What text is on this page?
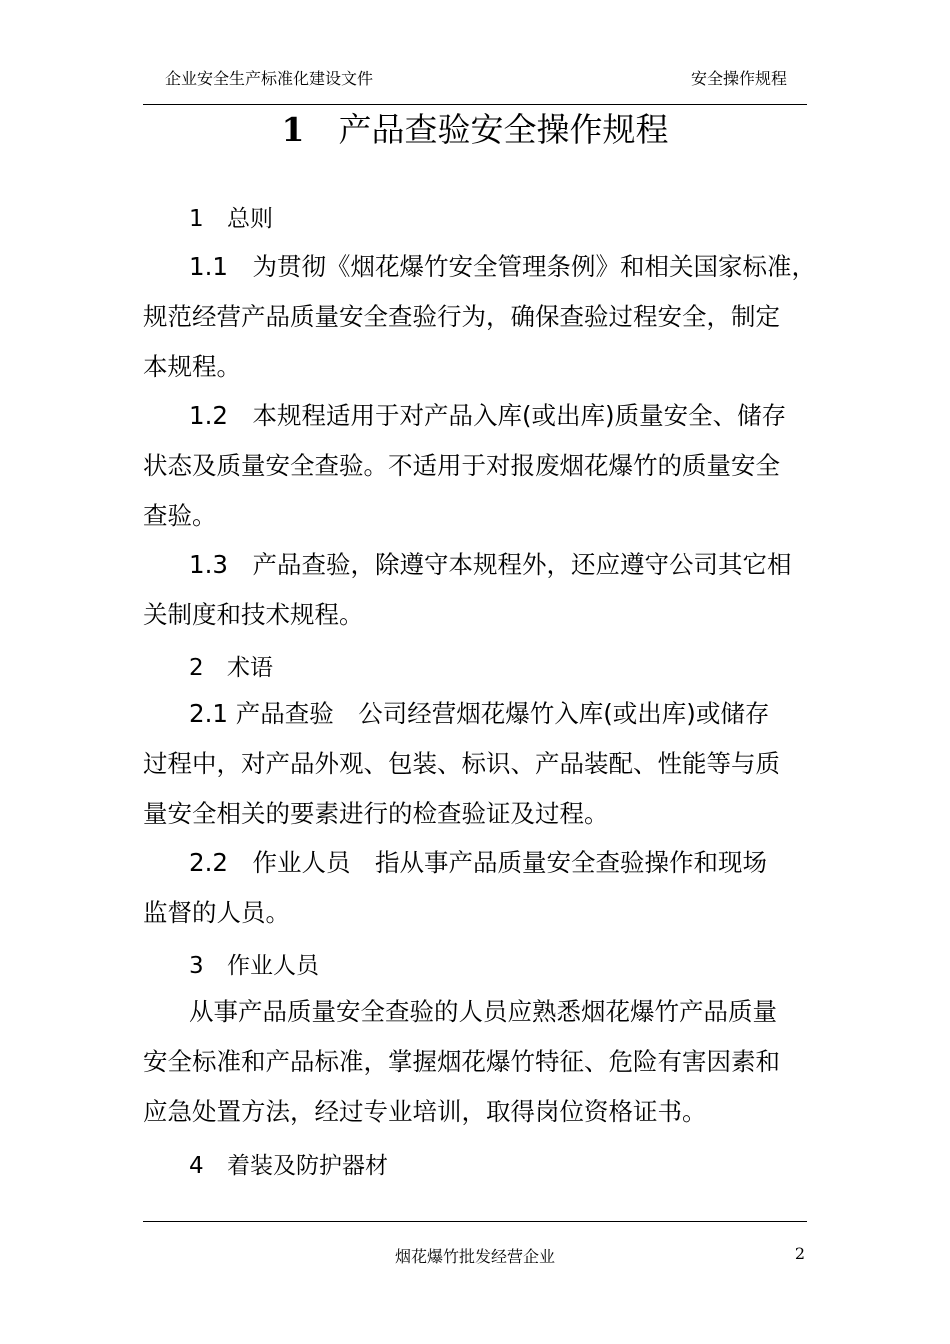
企业安全生产标准化建设文件	安全操作规程
1 产品查验安全操作规程
1 总则
1.1　为贯彻《烟花爆竹安全管理条例》和相关国家标准，
规范经营产品质量安全查验行为，确保查验过程安全，制定
本规程。
1.2　本规程适用于对产品入库(或出库)质量安全、储存
状态及质量安全查验。不适用于对报废烟花爆竹的质量安全
查验。
1.3　产品查验，除遵守本规程外，还应遵守公司其它相
关制度和技术规程。
2 术语
2.1 产品查验　公司经营烟花爆竹入库(或出库)或储存
过程中，对产品外观、包装、标识、产品装配、性能等与质
量安全相关的要素进行的检查验证及过程。
2.2　作业人员　指从事产品质量安全查验操作和现场
监督的人员。
3 作业人员
从事产品质量安全查验的人员应熟悉烟花爆竹产品质量
安全标准和产品标准，掌握烟花爆竹特征、危险有害因素和
应急处置方法，经过专业培训，取得岗位资格证书。
4 着装及防护器材
烟花爆竹批发经营企业	2
